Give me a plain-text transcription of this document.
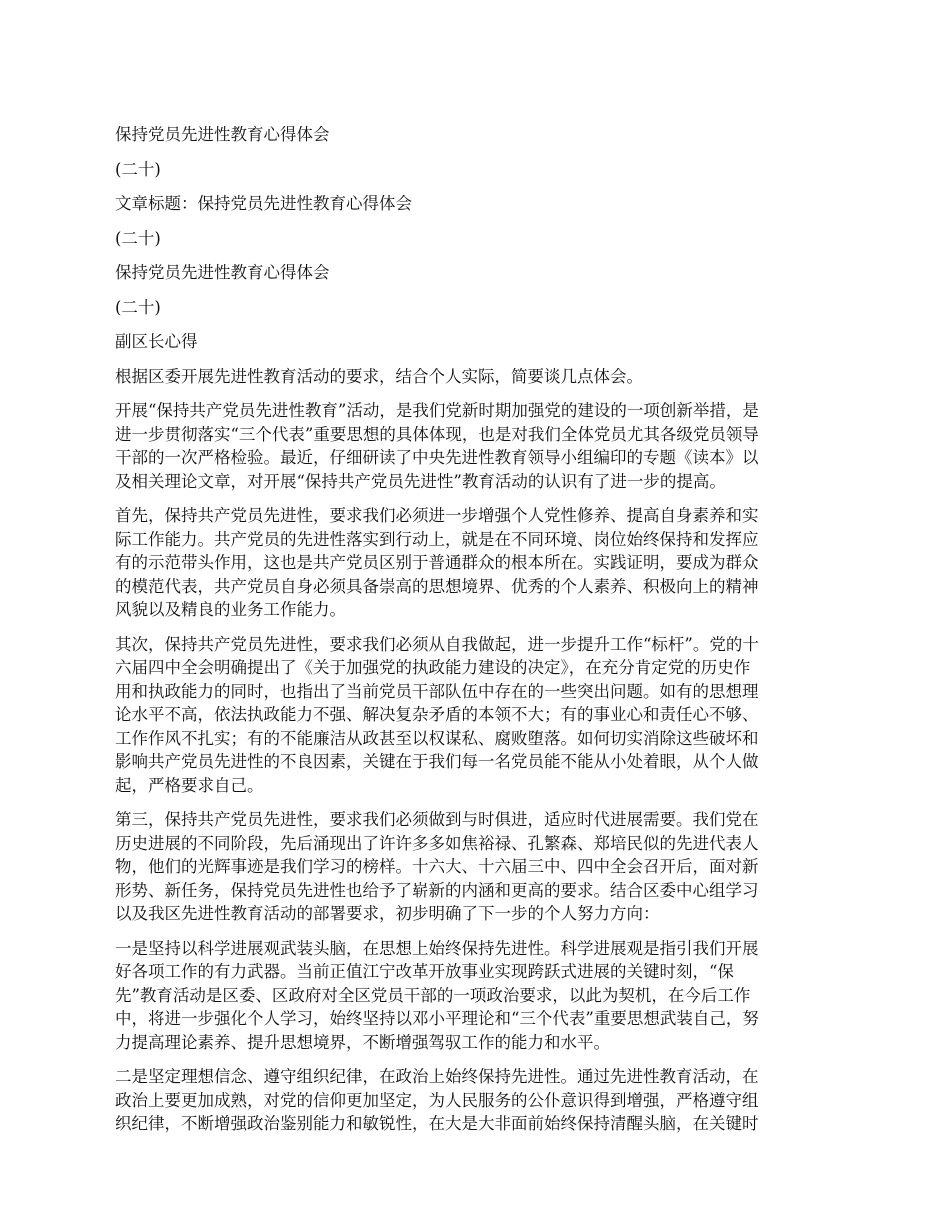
保持党员先进性教育心得体会
(二十)
文章标题：保持党员先进性教育心得体会
(二十)
保持党员先进性教育心得体会
(二十)
副区长心得
根据区委开展先进性教育活动的要求，结合个人实际，简要谈几点体会。
开展“保持共产党员先进性教育”活动，是我们党新时期加强党的建设的一项创新举措，是
进一步贯彻落实“三个代表”重要思想的具体体现，也是对我们全体党员尤其各级党员领导
干部的一次严格检验。最近，仔细研读了中央先进性教育领导小组编印的专题《读本》以
及相关理论文章，对开展“保持共产党员先进性”教育活动的认识有了进一步的提高。
首先，保持共产党员先进性，要求我们必须进一步增强个人党性修养、提高自身素养和实
际工作能力。共产党员的先进性落实到行动上，就是在不同环境、岗位始终保持和发挥应
有的示范带头作用，这也是共产党员区别于普通群众的根本所在。实践证明，要成为群众
的模范代表，共产党员自身必须具备崇高的思想境界、优秀的个人素养、积极向上的精神
风貌以及精良的业务工作能力。
其次，保持共产党员先进性，要求我们必须从自我做起，进一步提升工作“标杆”。党的十
六届四中全会明确提出了《关于加强党的执政能力建设的决定》，在充分肯定党的历史作
用和执政能力的同时，也指出了当前党员干部队伍中存在的一些突出问题。如有的思想理
论水平不高，依法执政能力不强、解决复杂矛盾的本领不大；有的事业心和责任心不够、
工作作风不扎实；有的不能廉洁从政甚至以权谋私、腐败堕落。如何切实消除这些破坏和
影响共产党员先进性的不良因素，关键在于我们每一名党员能不能从小处着眼，从个人做
起，严格要求自己。
第三，保持共产党员先进性，要求我们必须做到与时俱进，适应时代进展需要。我们党在
历史进展的不同阶段，先后涌现出了许许多多如焦裕禄、孔繁森、郑培民似的先进代表人
物，他们的光辉事迹是我们学习的榜样。十六大、十六届三中、四中全会召开后，面对新
形势、新任务，保持党员先进性也给予了崭新的内涵和更高的要求。结合区委中心组学习
以及我区先进性教育活动的部署要求，初步明确了下一步的个人努力方向：
一是坚持以科学进展观武装头脑，在思想上始终保持先进性。科学进展观是指引我们开展
好各项工作的有力武器。当前正值江宁改革开放事业实现跨跃式进展的关键时刻，“保
先”教育活动是区委、区政府对全区党员干部的一项政治要求，以此为契机，在今后工作
中，将进一步强化个人学习，始终坚持以邓小平理论和“三个代表”重要思想武装自己，努
力提高理论素养、提升思想境界，不断增强驾驭工作的能力和水平。
二是坚定理想信念、遵守组织纪律，在政治上始终保持先进性。通过先进性教育活动，在
政治上要更加成熟，对党的信仰更加坚定，为人民服务的公仆意识得到增强，严格遵守组
织纪律，不断增强政治鉴别能力和敏锐性，在大是大非面前始终保持清醒头脑，在关键时
